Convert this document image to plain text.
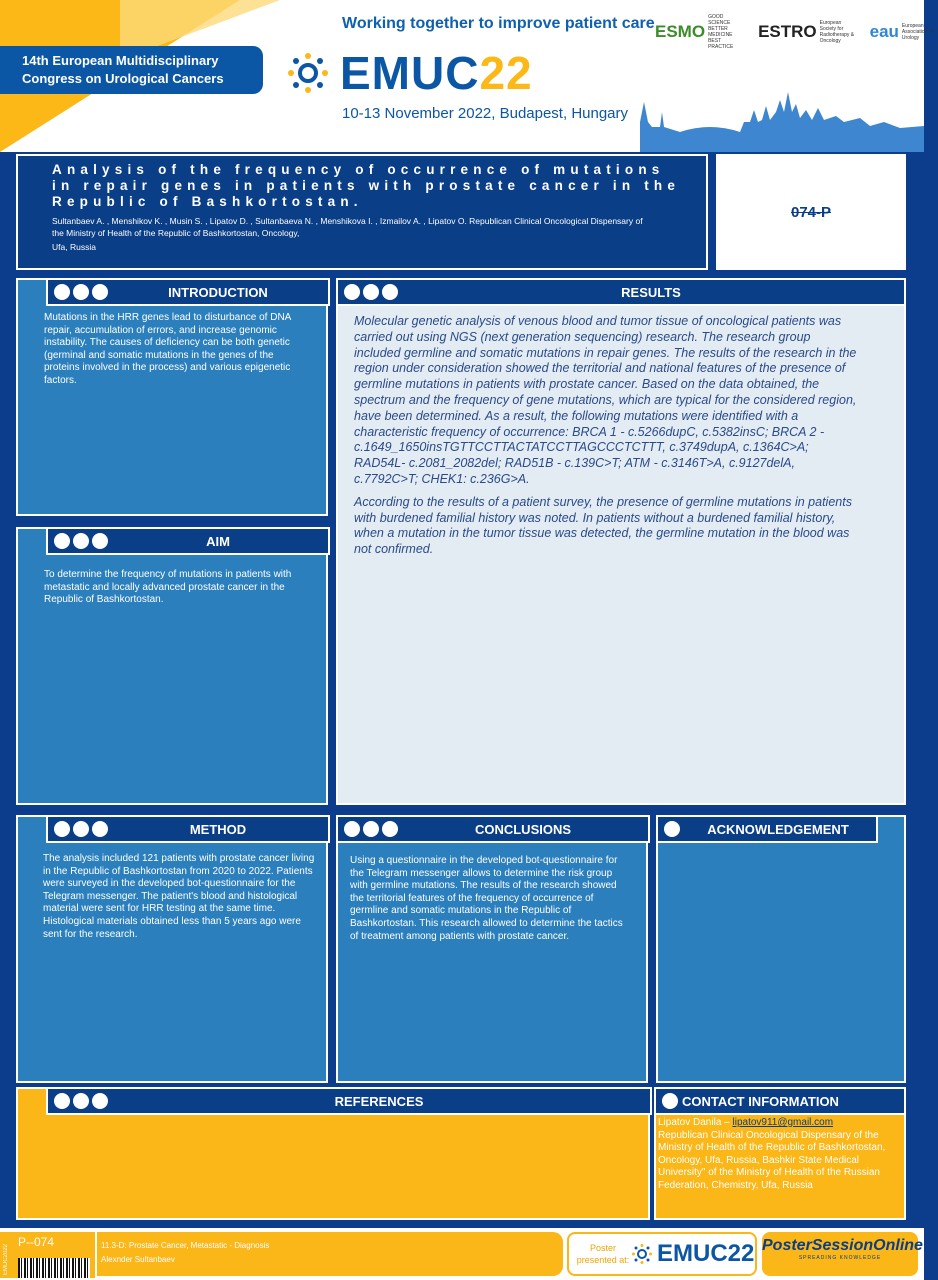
14th European Multidisciplinary
Congress on Urological Cancers
Working together to improve patient care
EMUC22
10-13 November 2022, Budapest, Hungary
ESMO
GOOD SCIENCE BETTER MEDICINE BEST PRACTICE
ESTRO European Society for Radiotherapy & Oncology	eau European Association of Urology
Analysis of the frequency of occurrence of mutations in repair genes in patients with prostate cancer in the Republic of Bashkortostan.
Sultanbaev A. , Menshikov K. , Musin S. , Lipatov D. , Sultanbaeva N. , Menshikova I. , Izmailov A. , Lipatov O. Republican Clinical Oncological Dispensary of the Ministry of Health of the Republic of Bashkortostan, Oncology,
Ufa, Russia
074-P
INTRODUCTION
Mutations in the HRR genes lead to disturbance of DNA repair, accumulation of errors, and increase genomic instability. The causes of deficiency can be both genetic (germinal and somatic mutations in the genes of the proteins involved in the process) and various epigenetic factors.
AIM
To determine the frequency of mutations in patients with metastatic and locally advanced prostate cancer in the Republic of Bashkortostan.
RESULTS

Molecular genetic analysis of venous blood and tumor tissue of oncological patients was carried out using NGS (next generation sequencing) research. The research group included germline and somatic mutations in repair genes. The results of the research in the region under consideration showed the territorial and national features of the presence of germline mutations in patients with prostate cancer. Based on the data obtained, the spectrum and the frequency of gene mutations, which are typical for the considered region, have been determined. As a result, the following mutations were identified with a characteristic frequency of occurrence: BRCA 1 - c.5266dupC, c.5382insC; BRCA 2 - c.1649_1650insTGTTCCTTACTATCCTTAGCCCTCTTT, c.3749dupA, c.1364C>A; RAD54L- c.2081_2082del; RAD51B - c.139C>T; ATM - c.3146T>A, c.9127delA, c.7792C>T; CHEK1: c.236G>A.

According to the results of a patient survey, the presence of germline mutations in patients with burdened familial history was noted. In patients without a burdened familial history, when a mutation in the tumor tissue was detected, the germline mutation in the blood was not confirmed.

METHOD
The analysis included 121 patients with prostate cancer living in the Republic of Bashkortostan from 2020 to 2022. Patients were surveyed in the developed bot-questionnaire for the Telegram messenger. The patient's blood and histological material were sent for HRR testing at the same time. Histological materials obtained less than 5 years ago were sent for the research.
CONCLUSIONS
Using a questionnaire in the developed bot-questionnaire for the Telegram messenger allows to determine the risk group with germline mutations. The results of the research showed the territorial features of the frequency of occurrence of germline and somatic mutations in the Republic of Bashkortostan. This research allowed to determine the tactics of treatment among patients with prostate cancer.
ACKNOWLEDGEMENT
REFERENCES	CONTACT INFORMATION
Lipatov Danila – lipatov911@gmail.com
Republican Clinical Oncological Dispensary of the Ministry of Health of the Republic of Bashkortostan, Oncology, Ufa, Russia, Bashkir State Medical University" of the Ministry of Health of the Russian Federation, Chemistry, Ufa, Russia
EMUC2022
P--074	11.3-D: Prostate Cancer, Metastatic - Diagnosis
Alexnder Sultanbaev
Poster presented at: EMUC22 PosterSessionOnline
SPREADING KNOWLEDGE
